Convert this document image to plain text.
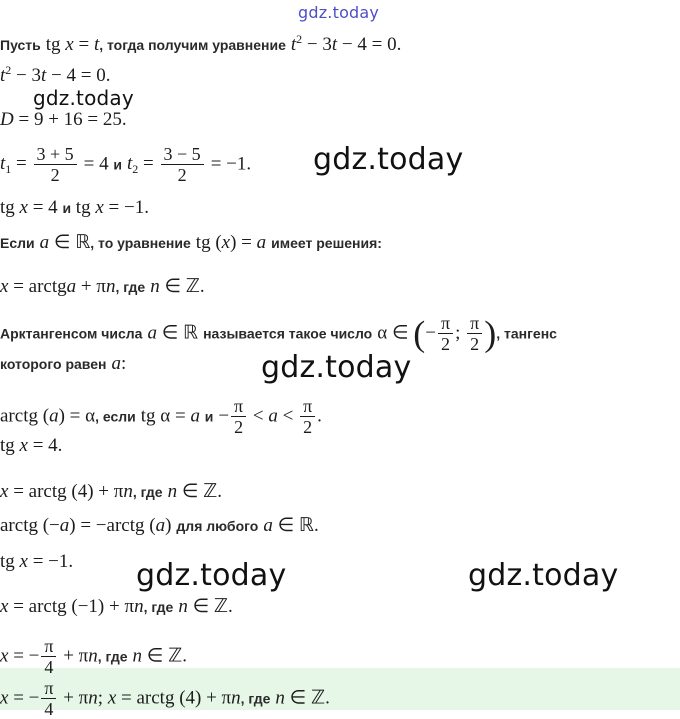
gdz.today
gdz.today
gdz.today
gdz.today
gdz.today	gdz.today
Пусть tg x = t, тогда получим уравнение $t^2 - 3t - 4 = 0$.
$t^2 - 3t - 4 = 0$.
D = 9 + 16 = 25.
$t_1 = \frac{3 + 5}{2} = 4$ и $t_2 = \frac{3 - 5}{2} = -1$.
tg x = 4 и tg x = −1.
Если a ∈ ℝ, то уравнение tg (x) = a имеет решения:
x = arctga + πn, где n ∈ ℤ.
Арктангенсом числа a ∈ ℝ называется такое число α ∈ (− $\frac{\pi}{2}$ ; $\frac{\pi}{2}$ ), тангенс
которого равен a:
arctg (a) = α, если tg α = a $и - \frac{\pi}{2} < a < \frac{\pi}{2}$ .
tg x = 4.
x = arctg (4) + πn, где n ∈ ℤ.
arctg (−a) = −arctg (a) для любого a ∈ ℝ.
tg x = −1.
x = arctg (−1) + πn, где n ∈ ℤ.
x = − $\frac{\pi}{4} + \pi n$, где n ∈ ℤ.
x = − $\frac{\pi}{4} + \pi n$; x = arctg (4) + πn, где n ∈ ℤ.
